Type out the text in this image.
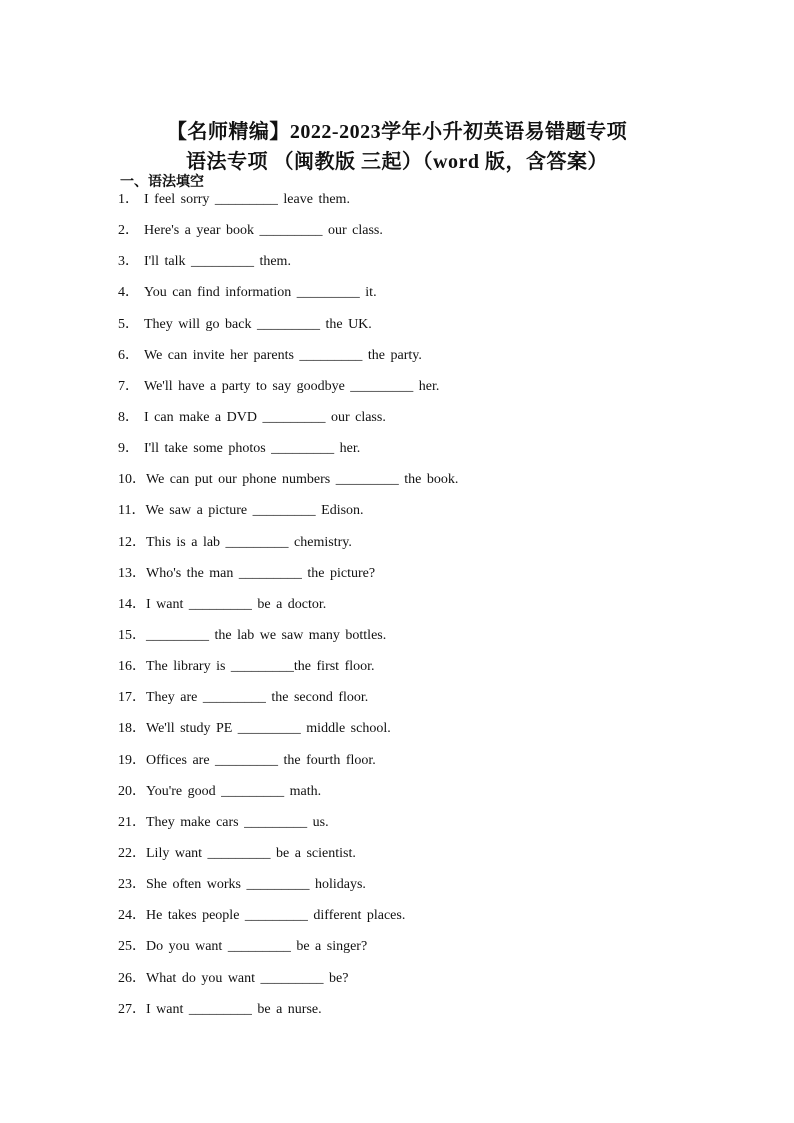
【名师精编】2022-2023学年小升初英语易错题专项
语法专项 （闽教版 三起）（word 版，含答案）
一、语法填空
1． I feel sorry _________ leave them.
2． Here's a year book _________ our class.
3． I'll talk _________ them.
4． You can find information _________ it.
5． They will go back _________ the UK.
6． We can invite her parents _________ the party.
7． We'll have a party to say goodbye _________ her.
8． I can make a DVD _________ our class.
9． I'll take some photos _________ her.
10． We can put our phone numbers _________ the book.
11． We saw a picture _________ Edison.
12． This is a lab _________ chemistry.
13． Who's the man _________ the picture?
14． I want _________ be a doctor.
15． _________ the lab we saw many bottles.
16． The library is _________the first floor.
17． They are _________ the second floor.
18． We'll study PE _________ middle school.
19． Offices are _________ the fourth floor.
20． You're good _________ math.
21． They make cars _________ us.
22． Lily want _________ be a scientist.
23． She often works _________ holidays.
24． He takes people _________ different places.
25． Do you want _________ be a singer?
26． What do you want _________ be?
27． I want _________ be a nurse.
